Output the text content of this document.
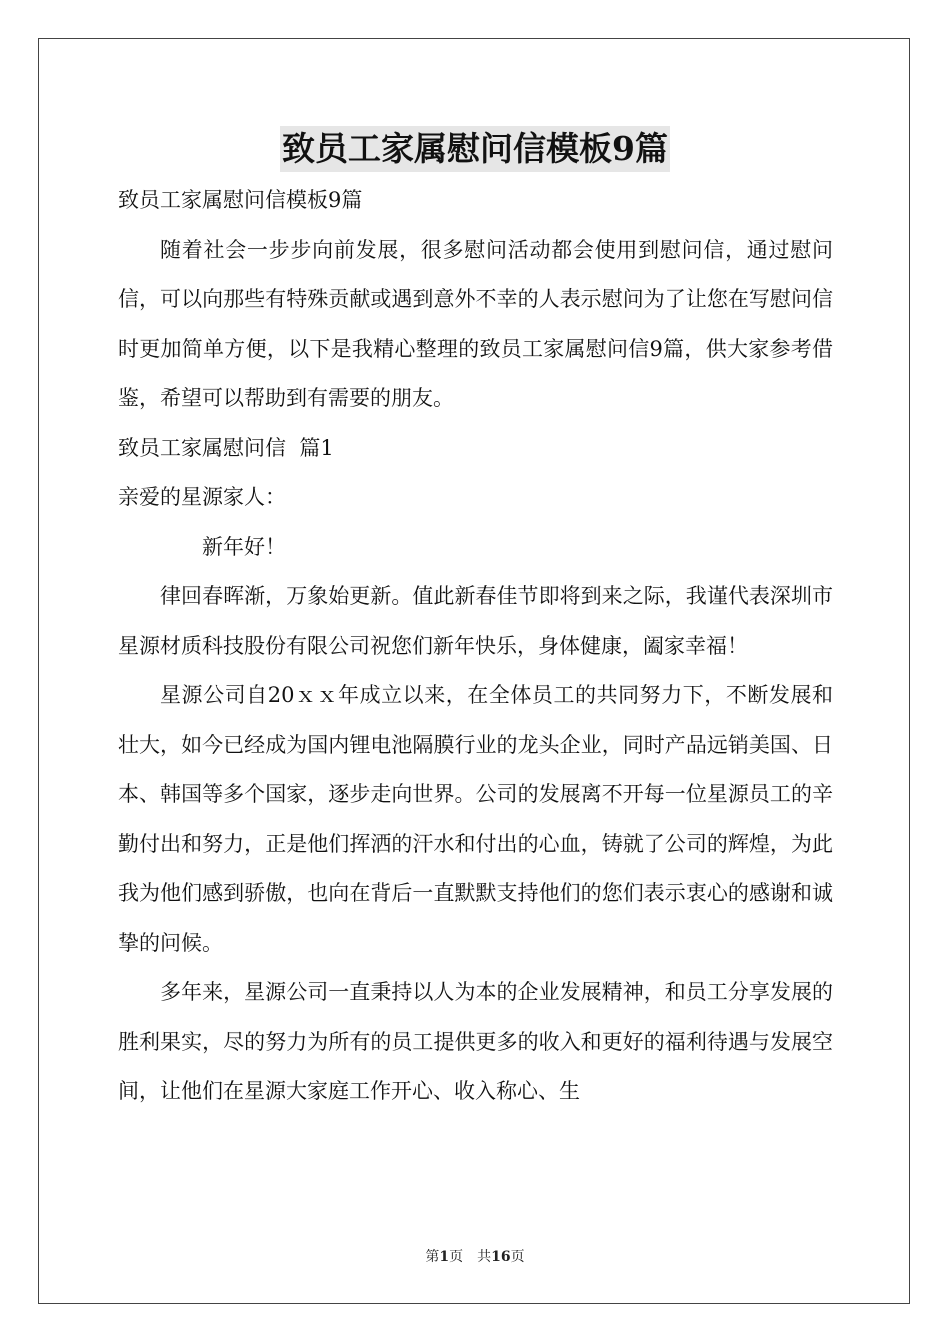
致员工家属慰问信模板9篇

致员工家属慰问信模板9篇

随着社会一步步向前发展，很多慰问活动都会使用到慰问信，通过慰问信，可以向那些有特殊贡献或遇到意外不幸的人表示慰问为了让您在写慰问信时更加简单方便，以下是我精心整理的致员工家属慰问信9篇，供大家参考借鉴，希望可以帮助到有需要的朋友。

致员工家属慰问信  篇1

亲爱的星源家人：

新年好！

律回春晖渐，万象始更新。值此新春佳节即将到来之际，我谨代表深圳市星源材质科技股份有限公司祝您们新年快乐，身体健康，阖家幸福！

星源公司自20ｘｘ年成立以来，在全体员工的共同努力下，不断发展和壮大，如今已经成为国内锂电池隔膜行业的龙头企业，同时产品远销美国、日本、韩国等多个国家，逐步走向世界。公司的发展离不开每一位星源员工的辛勤付出和努力，正是他们挥洒的汗水和付出的心血，铸就了公司的辉煌，为此我为他们感到骄傲，也向在背后一直默默支持他们的您们表示衷心的感谢和诚挚的问候。

多年来，星源公司一直秉持以人为本的企业发展精神，和员工分享发展的胜利果实，尽的努力为所有的员工提供更多的收入和更好的福利待遇与发展空间，让他们在星源大家庭工作开心、收入称心、生

第1页 共16页
